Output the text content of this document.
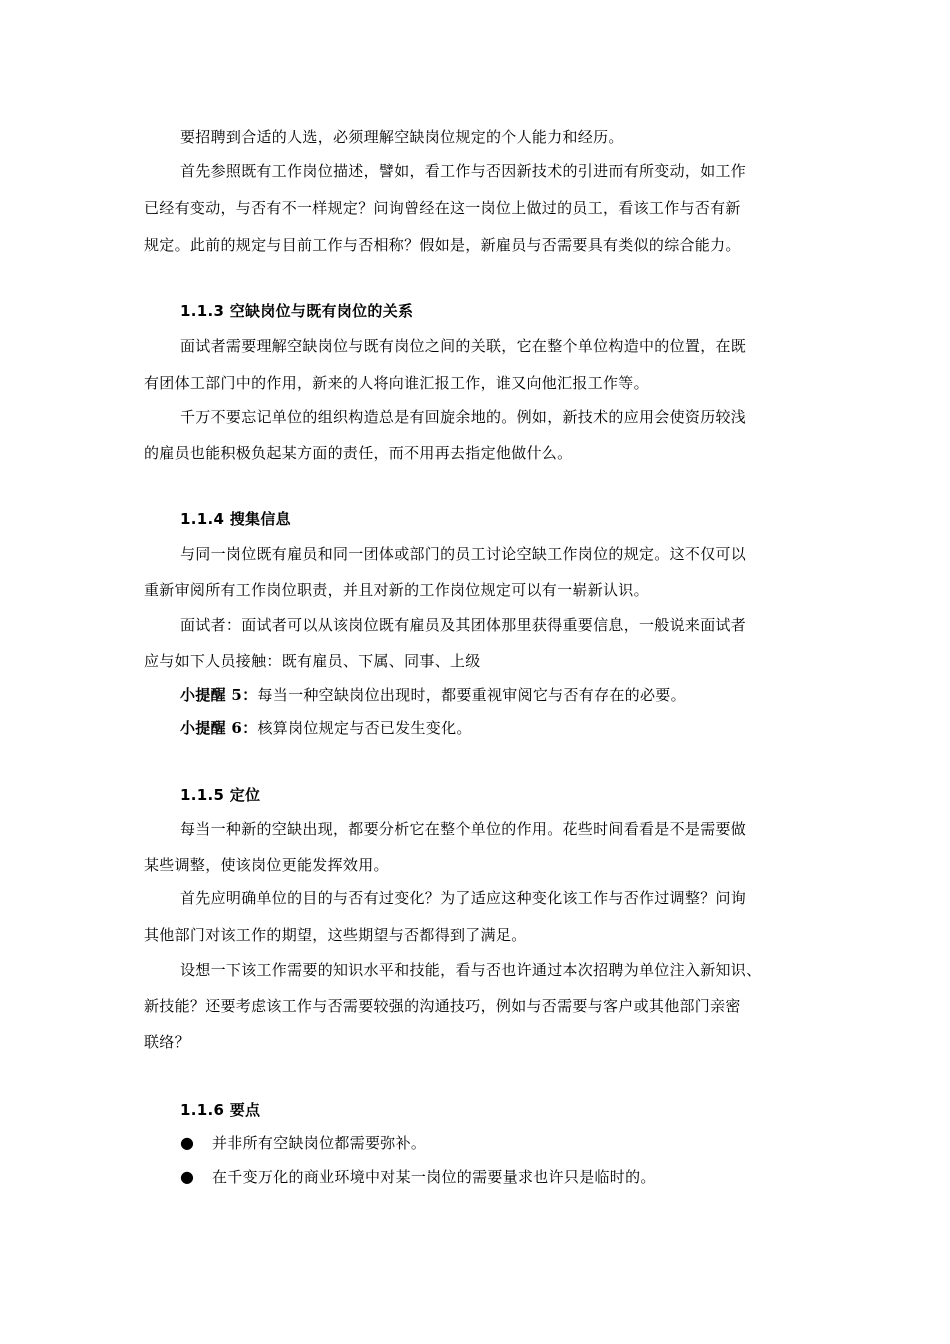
要招聘到合适的人选，必须理解空缺岗位规定的个人能力和经历。
首先参照既有工作岗位描述，譬如，看工作与否因新技术的引进而有所变动，如工作
已经有变动，与否有不一样规定？问询曾经在这一岗位上做过的员工，看该工作与否有新
规定。此前的规定与目前工作与否相称？假如是，新雇员与否需要具有类似的综合能力。
1.1.3 空缺岗位与既有岗位的关系
面试者需要理解空缺岗位与既有岗位之间的关联，它在整个单位构造中的位置，在既
有团体工部门中的作用，新来的人将向谁汇报工作，谁又向他汇报工作等。
千万不要忘记单位的组织构造总是有回旋余地的。例如，新技术的应用会使资历较浅
的雇员也能积极负起某方面的责任，而不用再去指定他做什么。
1.1.4 搜集信息
与同一岗位既有雇员和同一团体或部门的员工讨论空缺工作岗位的规定。这不仅可以
重新审阅所有工作岗位职责，并且对新的工作岗位规定可以有一崭新认识。
面试者：面试者可以从该岗位既有雇员及其团体那里获得重要信息，一般说来面试者
应与如下人员接触：既有雇员、下属、同事、上级
小提醒 5：每当一种空缺岗位出现时，都要重视审阅它与否有存在的必要。
小提醒 6：核算岗位规定与否已发生变化。
1.1.5 定位
每当一种新的空缺出现，都要分析它在整个单位的作用。花些时间看看是不是需要做
某些调整，使该岗位更能发挥效用。
首先应明确单位的目的与否有过变化？为了适应这种变化该工作与否作过调整？问询
其他部门对该工作的期望，这些期望与否都得到了满足。
设想一下该工作需要的知识水平和技能，看与否也许通过本次招聘为单位注入新知识、
新技能？还要考虑该工作与否需要较强的沟通技巧，例如与否需要与客户或其他部门亲密
联络？
1.1.6 要点
● 并非所有空缺岗位都需要弥补。
● 在千变万化的商业环境中对某一岗位的需要量求也许只是临时的。
